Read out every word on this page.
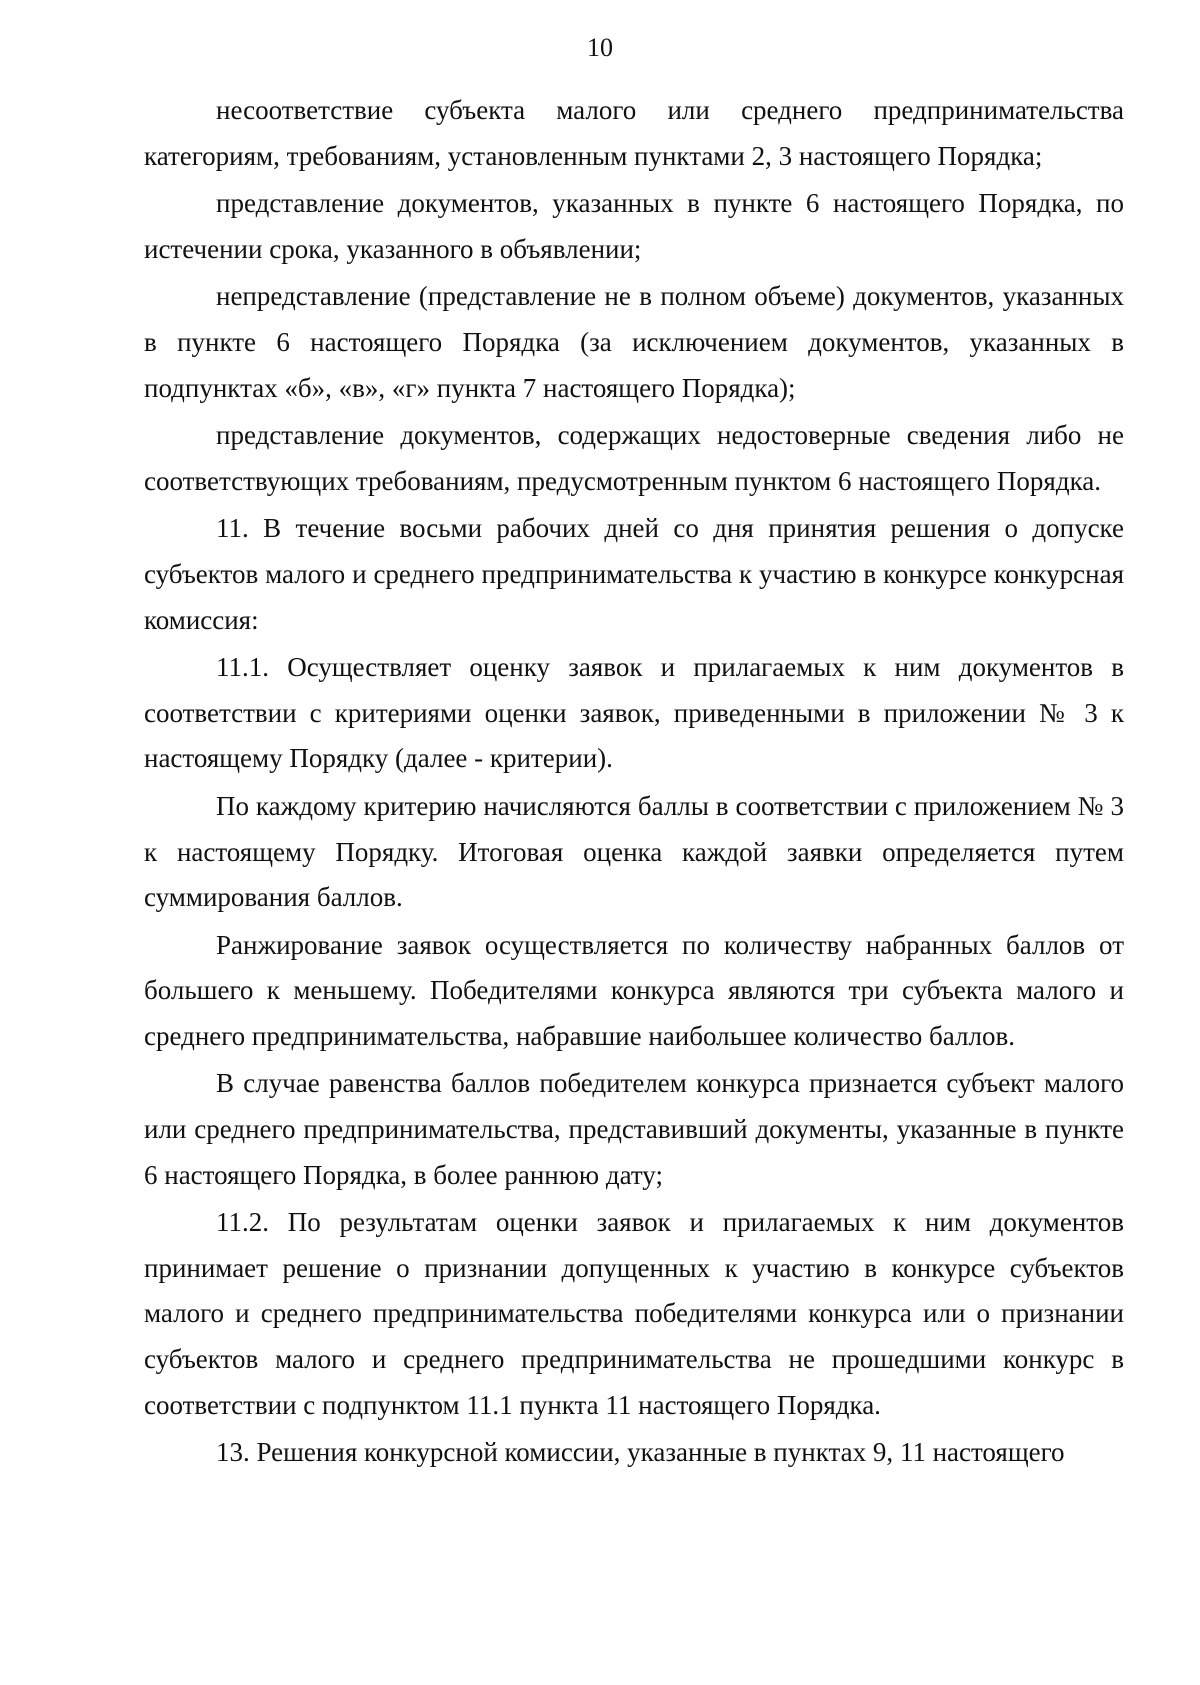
10

несоответствие субъекта малого или среднего предпринимательства категориям, требованиям, установленным пунктами 2, 3 настоящего Порядка;

представление документов, указанных в пункте 6 настоящего Порядка, по истечении срока, указанного в объявлении;

непредставление (представление не в полном объеме) документов, указанных в пункте 6 настоящего Порядка (за исключением документов, указанных в подпунктах «б», «в», «г» пункта 7 настоящего Порядка);

представление документов, содержащих недостоверные сведения либо не соответствующих требованиям, предусмотренным пунктом 6 настоящего Порядка.

11. В течение восьми рабочих дней со дня принятия решения о допуске субъектов малого и среднего предпринимательства к участию в конкурсе конкурсная комиссия:

11.1. Осуществляет оценку заявок и прилагаемых к ним документов в соответствии с критериями оценки заявок, приведенными в приложении № 3 к настоящему Порядку (далее - критерии).

По каждому критерию начисляются баллы в соответствии с приложением № 3 к настоящему Порядку. Итоговая оценка каждой заявки определяется путем суммирования баллов.

Ранжирование заявок осуществляется по количеству набранных баллов от большего к меньшему. Победителями конкурса являются три субъекта малого и среднего предпринимательства, набравшие наибольшее количество баллов.

В случае равенства баллов победителем конкурса признается субъект малого или среднего предпринимательства, представивший документы, указанные в пункте 6 настоящего Порядка, в более раннюю дату;

11.2. По результатам оценки заявок и прилагаемых к ним документов принимает решение о признании допущенных к участию в конкурсе субъектов малого и среднего предпринимательства победителями конкурса или о признании субъектов малого и среднего предпринимательства не прошедшими конкурс в соответствии с подпунктом 11.1 пункта 11 настоящего Порядка.

13. Решения конкурсной комиссии, указанные в пунктах 9, 11 настоящего
